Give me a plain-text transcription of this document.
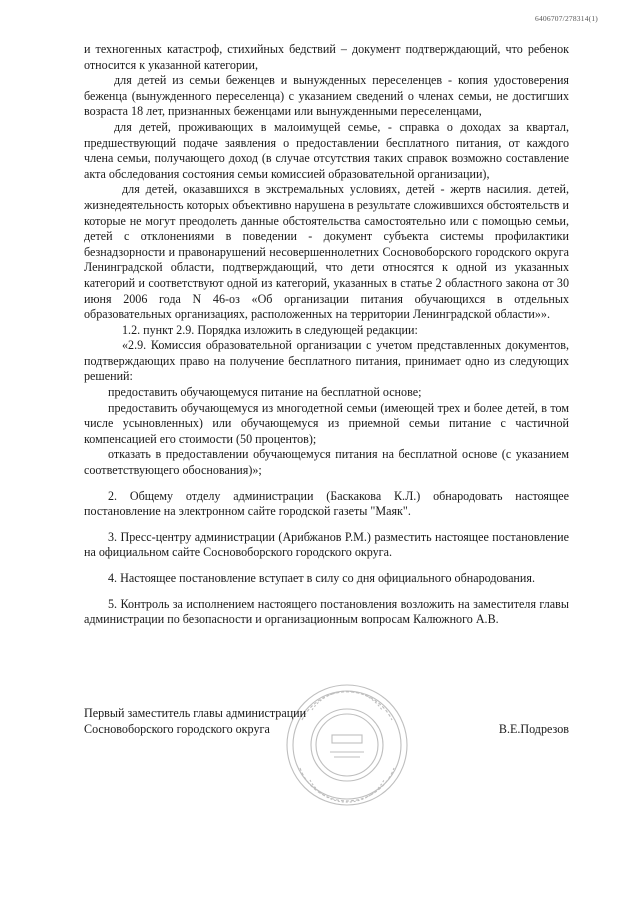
6406707/278314(1)

и техногенных катастроф, стихийных бедствий – документ подтверждающий, что ребенок относится к указанной категории,

для детей из семьи беженцев и вынужденных переселенцев - копия удостоверения беженца (вынужденного переселенца) с указанием сведений о членах семьи, не достигших возраста 18 лет, признанных беженцами или вынужденными переселенцами,

для детей, проживающих в малоимущей семье, - справка о доходах за квартал, предшествующий подаче заявления о предоставлении бесплатного питания, от каждого члена семьи, получающего доход (в случае отсутствия таких справок возможно составление акта обследования состояния семьи комиссией образовательной организации),

для детей, оказавшихся в экстремальных условиях, детей - жертв насилия. детей, жизнедеятельность которых объективно нарушена в результате сложившихся обстоятельств и которые не могут преодолеть данные обстоятельства самостоятельно или с помощью семьи, детей с отклонениями в поведении - документ субъекта системы профилактики безнадзорности и правонарушений несовершеннолетних Сосновоборского городского округа Ленинградской области, подтверждающий, что дети относятся к одной из указанных категорий и соответствуют одной из категорий, указанных в статье 2 областного закона от 30 июня 2006 года N 46-оз «Об организации питания обучающихся в отдельных образовательных организациях, расположенных на территории Ленинградской области»».

1.2. пункт 2.9. Порядка изложить в следующей редакции:

«2.9. Комиссия образовательной организации с учетом представленных документов, подтверждающих право на получение бесплатного питания, принимает одно из следующих решений:

предоставить обучающемуся питание на бесплатной основе;

предоставить обучающемуся из многодетной семьи (имеющей трех и более детей, в том числе усыновленных) или обучающемуся из приемной семьи питание с частичной компенсацией его стоимости (50 процентов);

отказать в предоставлении обучающемуся питания на бесплатной основе (с указанием соответствующего обоснования)»;

2. Общему отделу администрации (Баскакова К.Л.) обнародовать настоящее постановление на электронном сайте городской газеты "Маяк".

3. Пресс-центру администрации (Арибжанов Р.М.) разместить настоящее постановление на официальном сайте Сосновоборского городского округа.

4. Настоящее постановление вступает в силу со дня официального обнародования.

5. Контроль за исполнением настоящего постановления возложить на заместителя главы администрации по безопасности и организационным вопросам Калюжного А.В.

Первый заместитель главы администрации
Сосновоборского городского округа	В.Е.Подрезов
